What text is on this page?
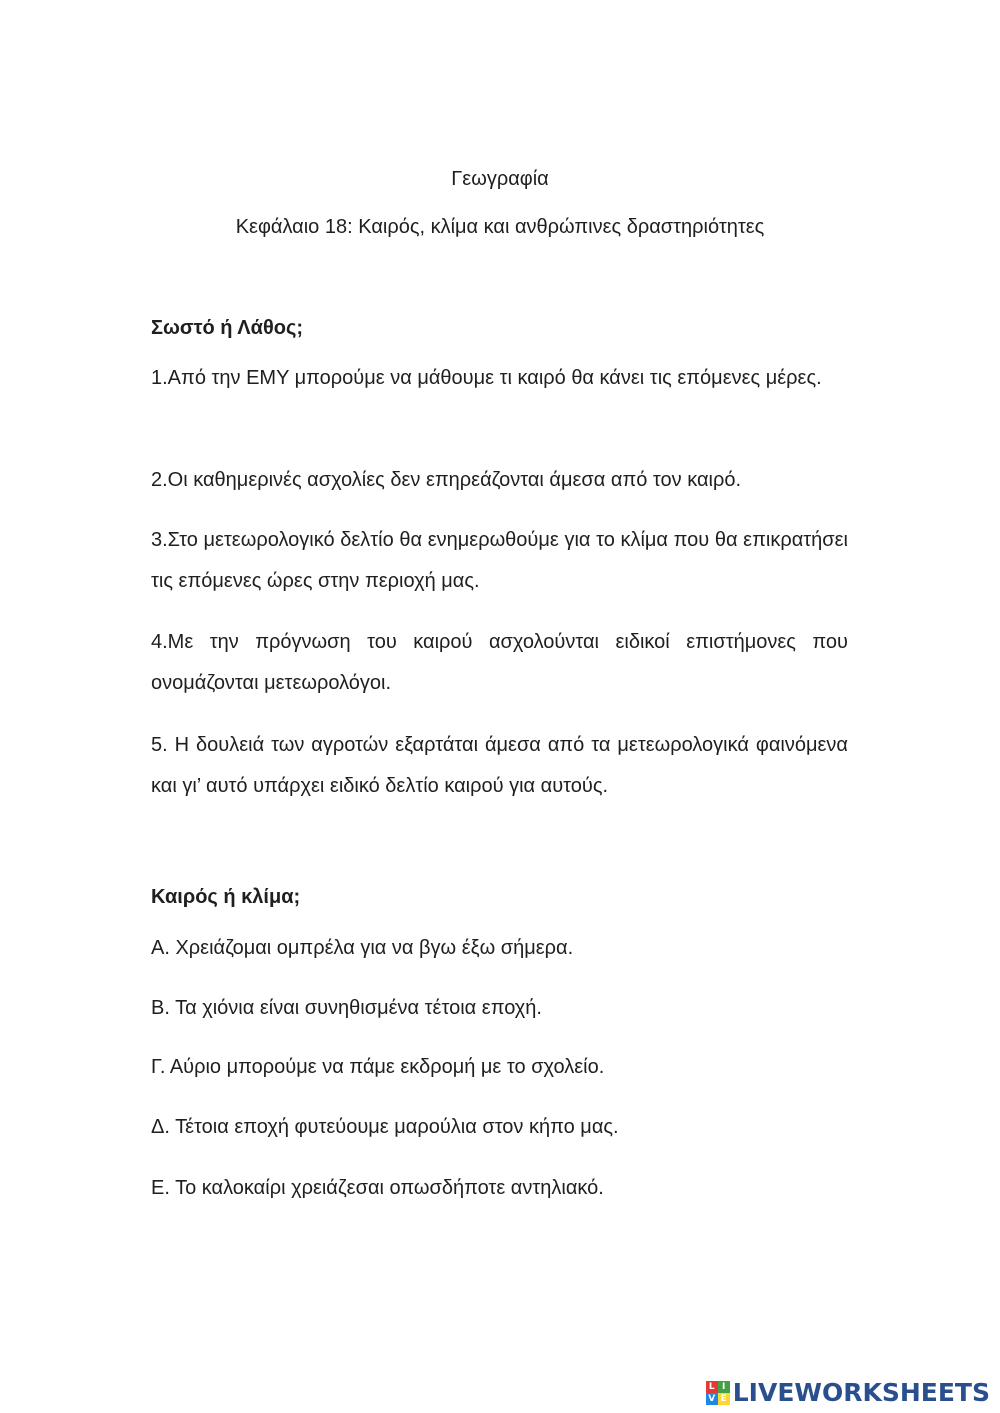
Γεωγραφία
Κεφάλαιο 18: Καιρός, κλίμα και ανθρώπινες δραστηριότητες
Σωστό ή Λάθος;

1.Από την ΕΜΥ μπορούμε να μάθουμε τι καιρό θα κάνει τις επόμενες μέρες.

2.Οι καθημερινές ασχολίες δεν επηρεάζονται άμεσα από τον καιρό.

3.Στο μετεωρολογικό δελτίο θα ενημερωθούμε για το κλίμα που θα επικρατήσει τις επόμενες ώρες στην περιοχή μας.

4.Με την πρόγνωση του καιρού ασχολούνται ειδικοί επιστήμονες που ονομάζονται μετεωρολόγοι.

5. Η δουλειά των αγροτών εξαρτάται άμεσα από τα μετεωρολογικά φαινόμενα και γι’ αυτό υπάρχει ειδικό δελτίο καιρού για αυτούς.

Καιρός ή κλίμα;

Α. Χρειάζομαι ομπρέλα για να βγω έξω σήμερα.

Β. Τα χιόνια είναι συνηθισμένα τέτοια εποχή.

Γ. Αύριο μπορούμε να πάμε εκδρομή με το σχολείο.

Δ. Τέτοια εποχή φυτεύουμε μαρούλια στον κήπο μας.

Ε. Το καλοκαίρι χρειάζεσαι οπωσδήποτε αντηλιακό.

L I
V E LIVEWORKSHEETS
